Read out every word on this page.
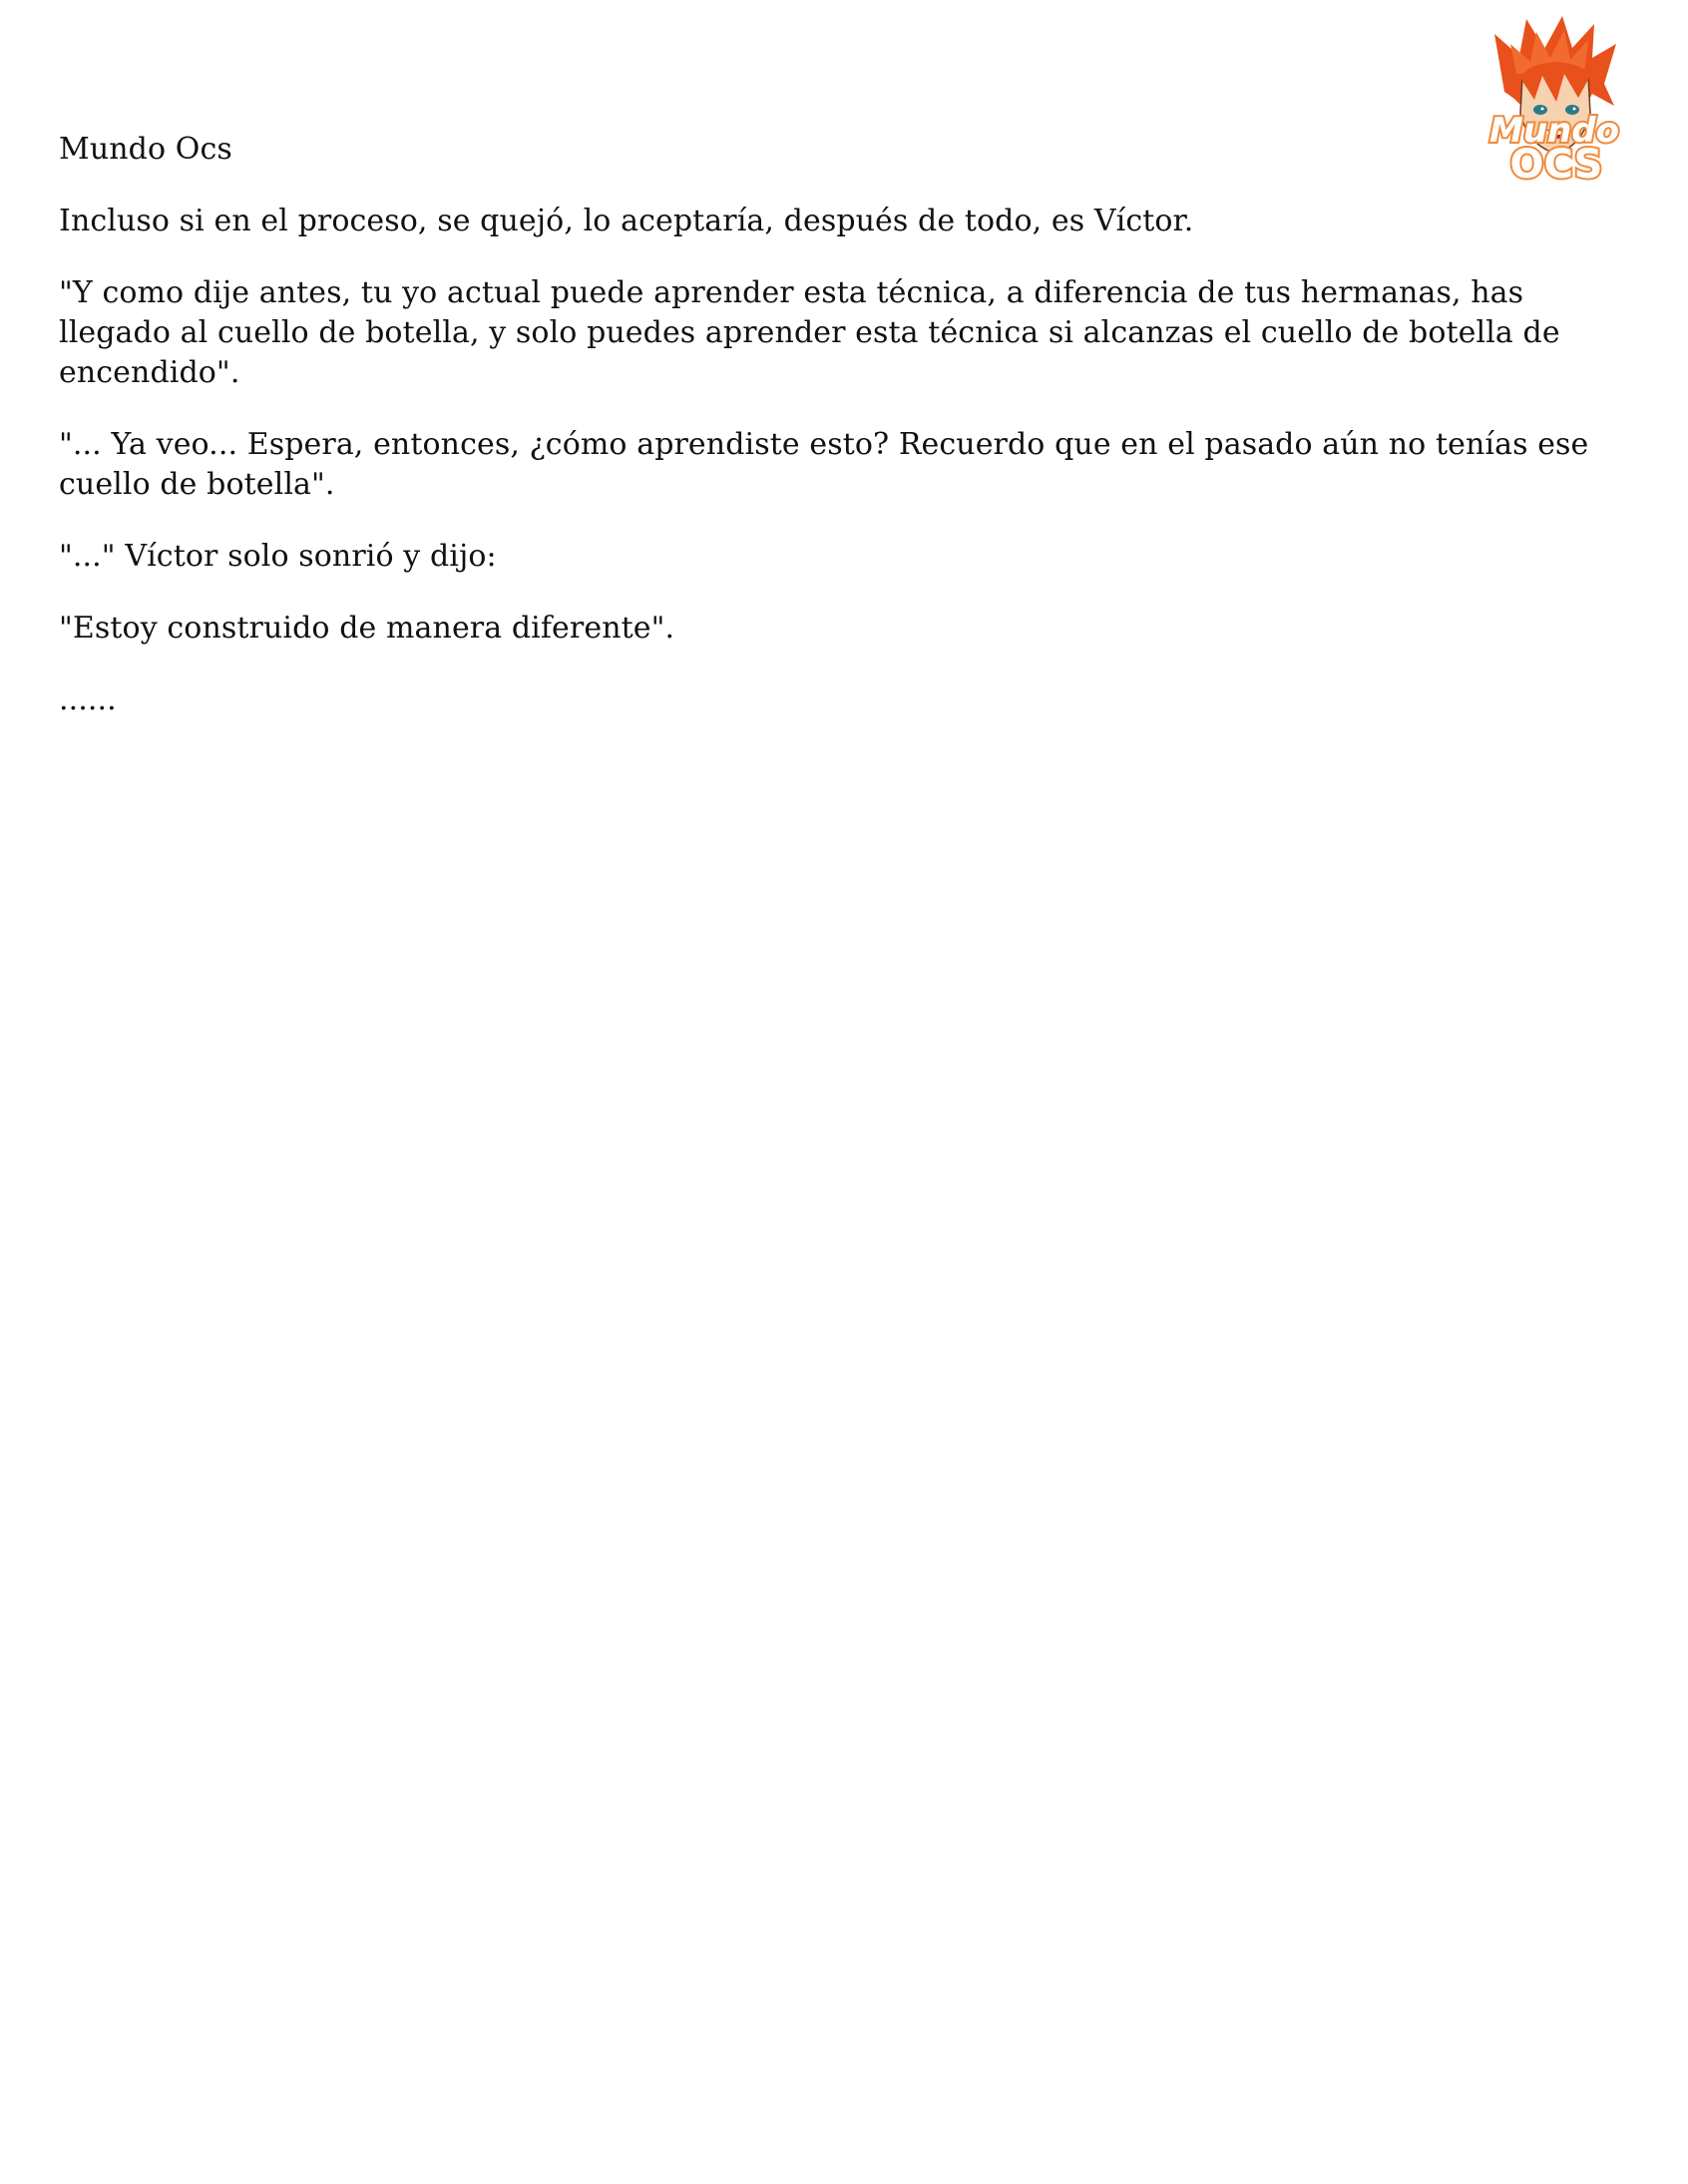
Mundo
OCS

Mundo Ocs

Incluso si en el proceso, se quejó, lo aceptaría, después de todo, es Víctor.

"Y como dije antes, tu yo actual puede aprender esta técnica, a diferencia de tus hermanas, has llegado al cuello de botella, y solo puedes aprender esta técnica si alcanzas el cuello de botella de encendido".

"... Ya veo... Espera, entonces, ¿cómo aprendiste esto? Recuerdo que en el pasado aún no tenías ese cuello de botella".

"..." Víctor solo sonrió y dijo:

"Estoy construido de manera diferente".

......
